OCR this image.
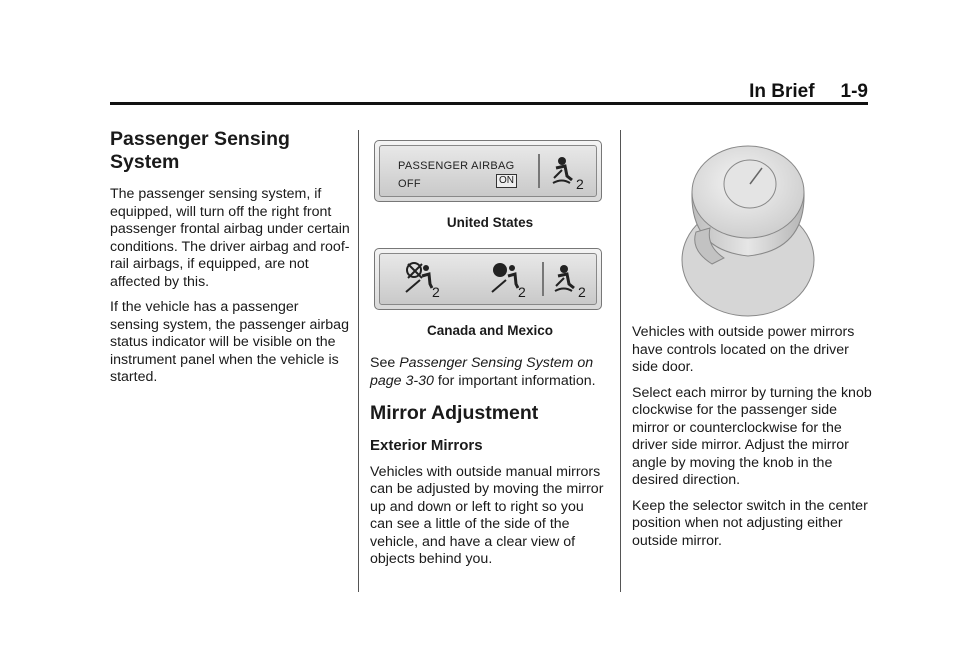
In Brief 1-9
Passenger Sensing System

The passenger sensing system, if equipped, will turn off the right front passenger frontal airbag under certain conditions. The driver airbag and roof-rail airbags, if equipped, are not affected by this.

If the vehicle has a passenger sensing system, the passenger airbag status indicator will be visible on the instrument panel when the vehicle is started.

PASSENGER AIRBAG
OFF	ON	2
United States
2	2	2
Canada and Mexico

See Passenger Sensing System on page 3-30 for important information.

Mirror Adjustment
Exterior Mirrors

Vehicles with outside manual mirrors can be adjusted by moving the mirror up and down or left to right so you can see a little of the side of the vehicle, and have a clear view of objects behind you.

Vehicles with outside power mirrors have controls located on the driver side door.

Select each mirror by turning the knob clockwise for the passenger side mirror or counterclockwise for the driver side mirror. Adjust the mirror angle by moving the knob in the desired direction.

Keep the selector switch in the center position when not adjusting either outside mirror.
